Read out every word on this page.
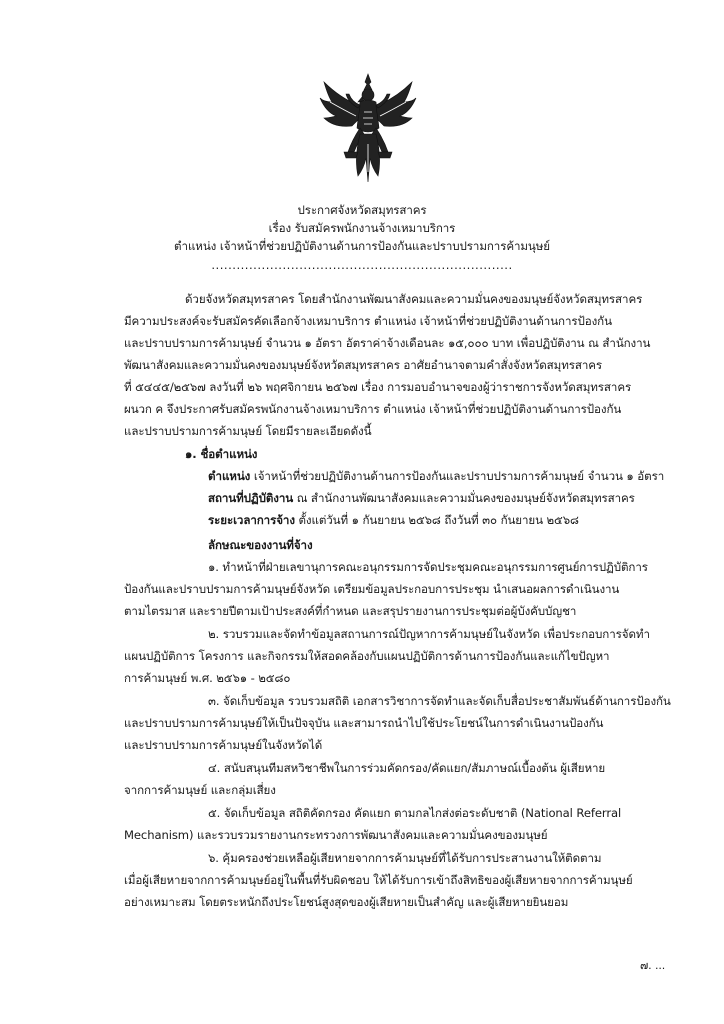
ประกาศจังหวัดสมุทรสาคร
เรื่อง รับสมัครพนักงานจ้างเหมาบริการ
ตำแหน่ง เจ้าหน้าที่ช่วยปฏิบัติงานด้านการป้องกันและปราบปรามการค้ามนุษย์
........................................................................
ด้วยจังหวัดสมุทรสาคร โดยสำนักงานพัฒนาสังคมและความมั่นคงของมนุษย์จังหวัดสมุทรสาคร
มีความประสงค์จะรับสมัครคัดเลือกจ้างเหมาบริการ ตำแหน่ง เจ้าหน้าที่ช่วยปฏิบัติงานด้านการป้องกัน
และปราบปรามการค้ามนุษย์ จำนวน ๑ อัตรา อัตราค่าจ้างเดือนละ ๑๕,๐๐๐ บาท เพื่อปฏิบัติงาน ณ สำนักงาน
พัฒนาสังคมและความมั่นคงของมนุษย์จังหวัดสมุทรสาคร อาศัยอำนาจตามคำสั่งจังหวัดสมุทรสาคร
ที่ ๕๔๔๕/๒๕๖๗ ลงวันที่ ๒๖ พฤศจิกายน ๒๕๖๗ เรื่อง การมอบอำนาจของผู้ว่าราชการจังหวัดสมุทรสาคร
ผนวก ค จึงประกาศรับสมัครพนักงานจ้างเหมาบริการ ตำแหน่ง เจ้าหน้าที่ช่วยปฏิบัติงานด้านการป้องกัน
และปราบปรามการค้ามนุษย์ โดยมีรายละเอียดดังนี้
๑. ชื่อตำแหน่ง
ตำแหน่ง เจ้าหน้าที่ช่วยปฏิบัติงานด้านการป้องกันและปราบปรามการค้ามนุษย์ จำนวน ๑ อัตรา
สถานที่ปฏิบัติงาน ณ สำนักงานพัฒนาสังคมและความมั่นคงของมนุษย์จังหวัดสมุทรสาคร
ระยะเวลาการจ้าง ตั้งแต่วันที่ ๑ กันยายน ๒๕๖๘ ถึงวันที่ ๓๐ กันยายน ๒๕๖๘
ลักษณะของงานที่จ้าง
๑. ทำหน้าที่ฝ่ายเลขานุการคณะอนุกรรมการจัดประชุมคณะอนุกรรมการศูนย์การปฏิบัติการ
ป้องกันและปราบปรามการค้ามนุษย์จังหวัด เตรียมข้อมูลประกอบการประชุม นำเสนอผลการดำเนินงาน
ตามไตรมาส และรายปีตามเป้าประสงค์ที่กำหนด และสรุปรายงานการประชุมต่อผู้บังคับบัญชา
๒. รวบรวมและจัดทำข้อมูลสถานการณ์ปัญหาการค้ามนุษย์ในจังหวัด เพื่อประกอบการจัดทำ
แผนปฏิบัติการ โครงการ และกิจกรรมให้สอดคล้องกับแผนปฏิบัติการด้านการป้องกันและแก้ไขปัญหา
การค้ามนุษย์ พ.ศ. ๒๕๖๑ - ๒๕๘๐
๓. จัดเก็บข้อมูล รวบรวมสถิติ เอกสารวิชาการจัดทำและจัดเก็บสื่อประชาสัมพันธ์ด้านการป้องกัน
และปราบปรามการค้ามนุษย์ให้เป็นปัจจุบัน และสามารถนำไปใช้ประโยชน์ในการดำเนินงานป้องกัน
และปราบปรามการค้ามนุษย์ในจังหวัดได้
๔. สนับสนุนทีมสหวิชาชีพในการร่วมคัดกรอง/คัดแยก/สัมภาษณ์เบื้องต้น ผู้เสียหาย
จากการค้ามนุษย์ และกลุ่มเสี่ยง
๕. จัดเก็บข้อมูล สถิติคัดกรอง คัดแยก ตามกลไกส่งต่อระดับชาติ (National Referral
Mechanism) และรวบรวมรายงานกระทรวงการพัฒนาสังคมและความมั่นคงของมนุษย์
๖. คุ้มครองช่วยเหลือผู้เสียหายจากการค้ามนุษย์ที่ได้รับการประสานงานให้ติดตาม
เมื่อผู้เสียหายจากการค้ามนุษย์อยู่ในพื้นที่รับผิดชอบ ให้ได้รับการเข้าถึงสิทธิของผู้เสียหายจากการค้ามนุษย์
อย่างเหมาะสม โดยตระหนักถึงประโยชน์สูงสุดของผู้เสียหายเป็นสำคัญ และผู้เสียหายยินยอม
๗. ...
